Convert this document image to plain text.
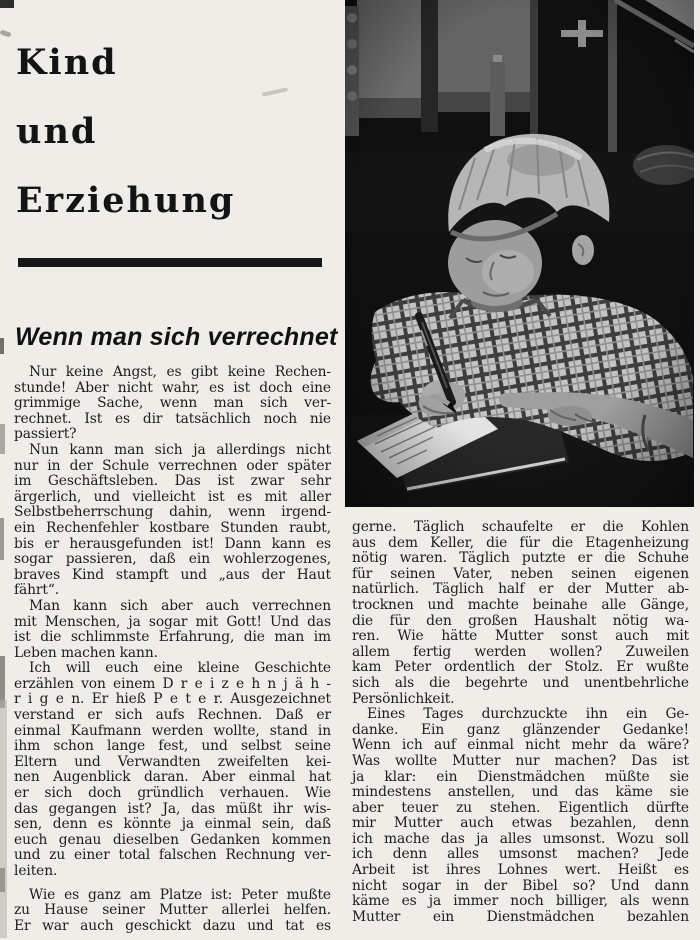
Kind
und
Erziehung
Wenn man sich verrechnet
Nur keine Angst, es gibt keine Rechen-
stunde! Aber nicht wahr, es ist doch eine
grimmige Sache, wenn man sich ver-
rechnet. Ist es dir tatsächlich noch nie
passiert?
Nun kann man sich ja allerdings nicht
nur in der Schule verrechnen oder später
im Geschäftsleben. Das ist zwar sehr
ärgerlich, und vielleicht ist es mit aller
Selbstbeherrschung dahin, wenn irgend-
ein Rechenfehler kostbare Stunden raubt,
bis er herausgefunden ist! Dann kann es
sogar passieren, daß ein wohlerzogenes,
braves Kind stampft und „aus der Haut
fährt“.
Man kann sich aber auch verrechnen
mit Menschen, ja sogar mit Gott! Und das
ist die schlimmste Erfahrung, die man im
Leben machen kann.
Ich will euch eine kleine Geschichte
erzählen von einem D r e i z e h n j ä h -
r i g e n. Er hieß P e t e r. Ausgezeichnet
verstand er sich aufs Rechnen. Daß er
einmal Kaufmann werden wollte, stand in
ihm schon lange fest, und selbst seine
Eltern und Verwandten zweifelten kei-
nen Augenblick daran. Aber einmal hat
er sich doch gründlich verhauen. Wie
das gegangen ist? Ja, das müßt ihr wis-
sen, denn es könnte ja einmal sein, daß
euch genau dieselben Gedanken kommen
und zu einer total falschen Rechnung ver-
leiten.
Wie es ganz am Platze ist: Peter mußte
zu Hause seiner Mutter allerlei helfen.
Er war auch geschickt dazu und tat es
gerne. Täglich schaufelte er die Kohlen
aus dem Keller, die für die Etagenheizung
nötig waren. Täglich putzte er die Schuhe
für seinen Vater, neben seinen eigenen
natürlich. Täglich half er der Mutter ab-
trocknen und machte beinahe alle Gänge,
die für den großen Haushalt nötig wa-
ren. Wie hätte Mutter sonst auch mit
allem fertig werden wollen? Zuweilen
kam Peter ordentlich der Stolz. Er wußte
sich als die begehrte und unentbehrliche
Persönlichkeit.
Eines Tages durchzuckte ihn ein Ge-
danke. Ein ganz glänzender Gedanke!
Wenn ich auf einmal nicht mehr da wäre?
Was wollte Mutter nur machen? Das ist
ja klar: ein Dienstmädchen müßte sie
mindestens anstellen, und das käme sie
aber teuer zu stehen. Eigentlich dürfte
mir Mutter auch etwas bezahlen, denn
ich mache das ja alles umsonst. Wozu soll
ich denn alles umsonst machen? Jede
Arbeit ist ihres Lohnes wert. Heißt es
nicht sogar in der Bibel so? Und dann
käme es ja immer noch billiger, als wenn
Mutter ein Dienstmädchen bezahlen
